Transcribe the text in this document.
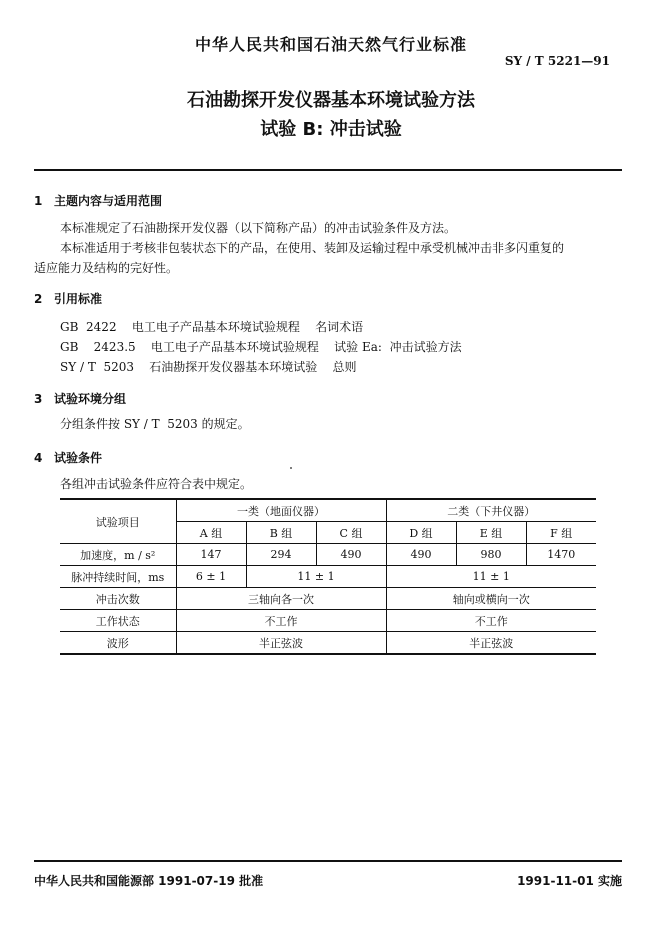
中华人民共和国石油天然气行业标准
SY / T 5221—91
石油勘探开发仪器基本环境试验方法
试验 B: 冲击试验
1 主题内容与适用范围
本标准规定了石油勘探开发仪器（以下简称产品）的冲击试验条件及方法。
本标准适用于考核非包装状态下的产品，在使用、装卸及运输过程中承受机械冲击非多闪重复的
适应能力及结构的完好性。
2 引用标准
GB  2422    电工电子产品基本环境试验规程    名词术语
GB    2423.5    电工电子产品基本环境试验规程    试验 Ea:  冲击试验方法
SY / T  5203    石油勘探开发仪器基本环境试验    总则
3 试验环境分组
分组条件按 SY / T  5203 的规定。
4 试验条件
各组冲击试验条件应符合表中规定。
试验项目	一类（地面仪器）			二类（下井仪器）		
	A 组	B 组	C 组	D 组	E 组	F 组
加速度，m / s²	147	294	490	490	980	1470
脉冲持续时间，ms	6 ± 1	11 ± 1		11 ± 1		
冲击次数	三轴向各一次			轴向或横向一次		
工作状态	不工作			不工作		
波形	半正弦波			半正弦波		
中华人民共和国能源部 1991-07-19 批准	1991-11-01 实施
